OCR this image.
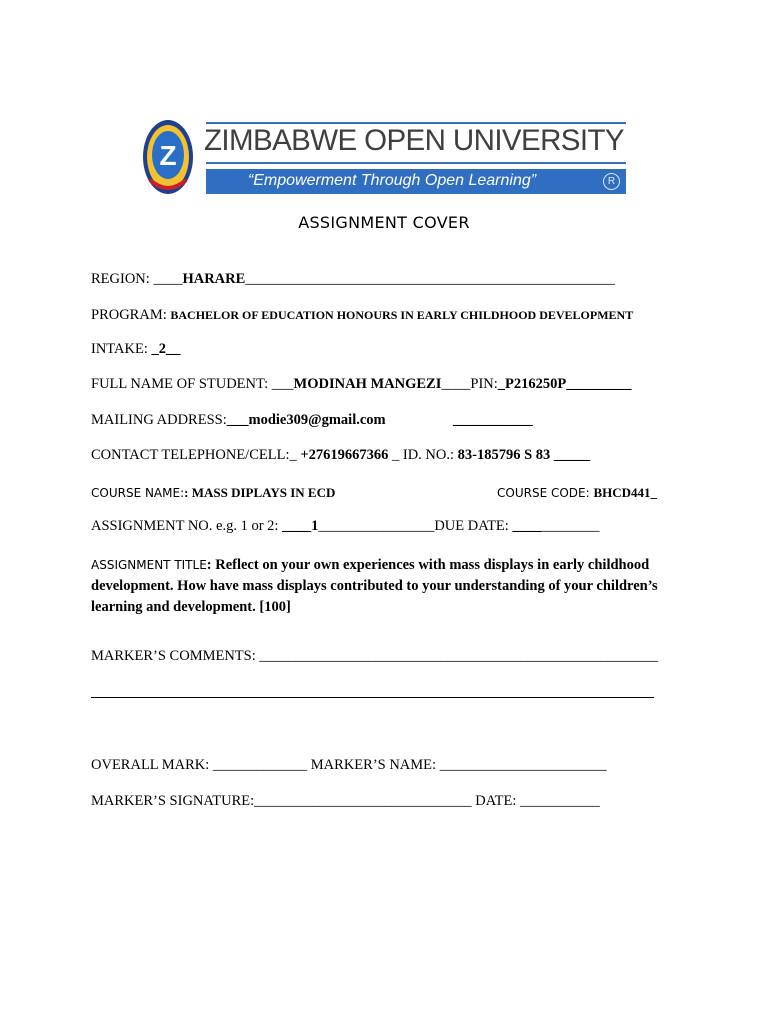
Z ZIMBABWE OPEN UNIVERSITY
“Empowerment Through Open Learning”	R
ASSIGNMENT COVER
REGION: ____HARARE___________________________________________________
PROGRAM: BACHELOR OF EDUCATION HONOURS IN EARLY CHILDHOOD DEVELOPMENT
INTAKE: _2__
FULL NAME OF STUDENT: ___MODINAH MANGEZI____PIN:_P216250P_________
MAILING ADDRESS:___modie309@gmail.com	___________
CONTACT TELEPHONE/CELL:_ +27619667366 _ ID. NO.: 83-185796 S 83 _____
COURSE NAME:: MASS DIPLAYS IN ECD	COURSE CODE: BHCD441_
ASSIGNMENT NO. e.g. 1 or 2: ____1________________DUE DATE: ____________
ASSIGNMENT TITLE: Reflect on your own experiences with mass displays in early childhood development. How have mass displays contributed to your understanding of your children’s learning and development. [100]
MARKER’S COMMENTS: _______________________________________________________
OVERALL MARK: _____________ MARKER’S NAME: _______________________
MARKER’S SIGNATURE:______________________________ DATE: ___________
